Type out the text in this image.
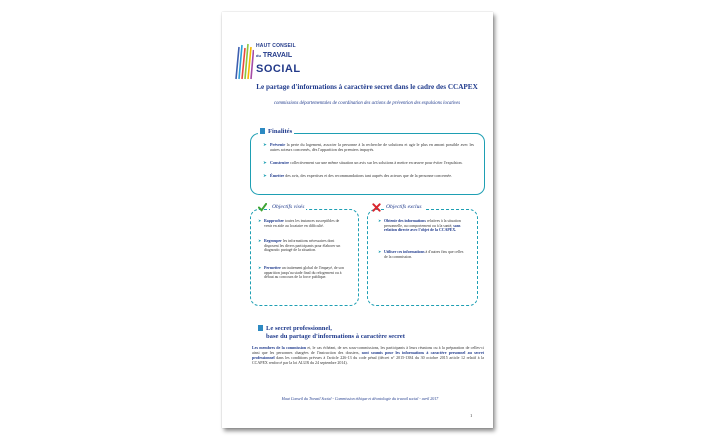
HAUT CONSEIL
du TRAVAIL
SOCIAL
Le partage d'informations à caractère secret dans le cadre des CCAPEX
commissions départementales de coordination des actions de prévention des expulsions locatives
Finalités
➤ Prévenir la perte du logement, associer la personne à la recherche de solutions et agir le plus en amont possible avec les autres acteurs concernés, dès l'apparition des premiers impayés.
➤ Construire collectivement sur une même situation un avis sur les solutions à mettre en œuvre pour éviter l'expulsion.
➤ Émettre des avis, des expertises et des recommandations tant auprès des acteurs que de la personne concernée.
Objectifs visés
➤ Rapprocher toutes les instances susceptibles de venir en aide au locataire en difficulté.
➤ Regrouper les informations nécessaires dont disposent les divers participants pour élaborer un diagnostic partagé de la situation.
➤ Permettre un traitement global de l'impayé, de son apparition jusqu'au stade final du relogement ou à défaut au concours de la force publique.
Objectifs exclus
➤ Obtenir des informations relatives à la situation personnelle, au comportement ou à la santé, sans relation directe avec l'objet de la CCAPEX.
➤ Utiliser ces informations à d'autres fins que celles de la commission.
Le secret professionnel,
base du partage d'informations à caractère secret
Les membres de la commission et, le cas échéant, de ses sous-commissions, les participants à leurs réunions ou à la préparation de celles-ci ainsi que les personnes chargées de l'instruction des dossiers, sont soumis pour les informations à caractère personnel au secret professionnel dans les conditions prévues à l'article 226-13 du code pénal (décret n° 2015-1384 du 30 octobre 2015 article 12 relatif à la CCAPEX renforcé par la loi ALUR du 24 septembre 2014).
Haut Conseil du Travail Social - Commission éthique et déontologie du travail social - avril 2017
1
